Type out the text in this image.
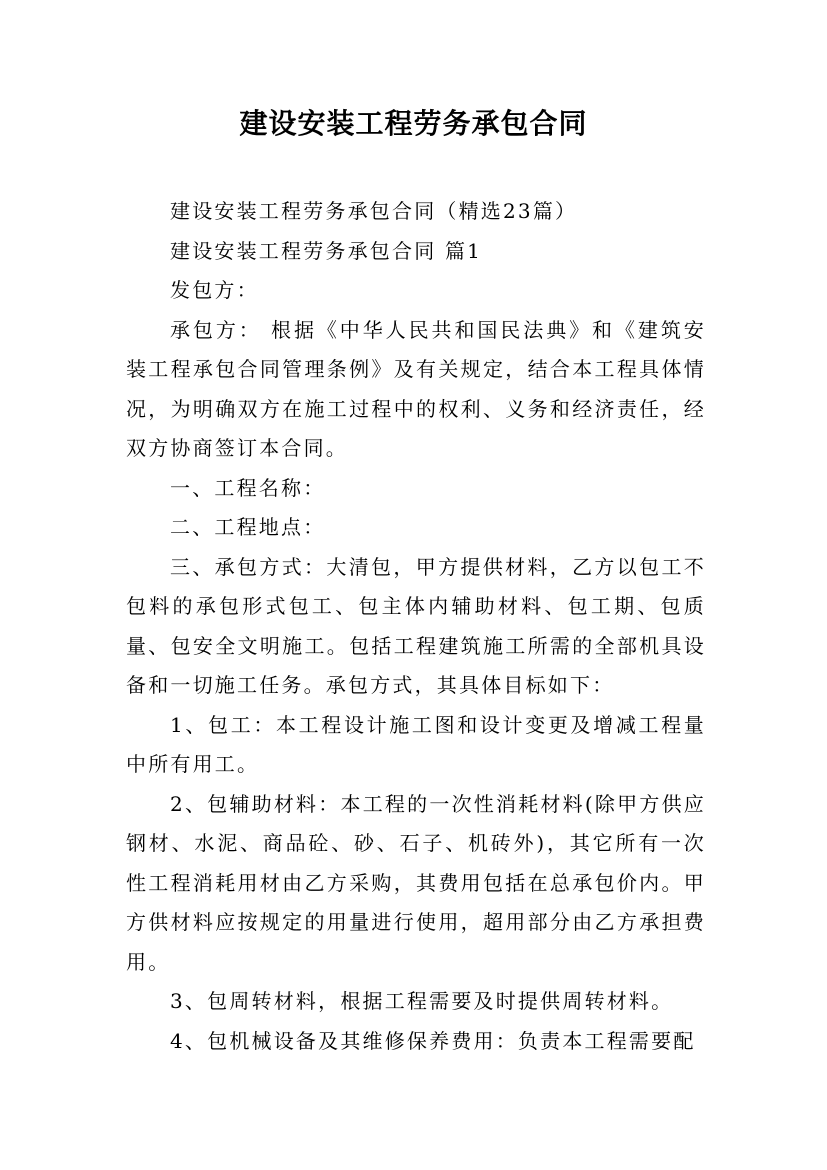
建设安装工程劳务承包合同

建设安装工程劳务承包合同（精选23篇）

建设安装工程劳务承包合同 篇1

发包方：

承包方： 根据《中华人民共和国民法典》和《建筑安装工程承包合同管理条例》及有关规定，结合本工程具体情况，为明确双方在施工过程中的权利、义务和经济责任，经双方协商签订本合同。

一、工程名称：

二、工程地点：

三、承包方式：大清包，甲方提供材料，乙方以包工不包料的承包形式包工、包主体内辅助材料、包工期、包质量、包安全文明施工。包括工程建筑施工所需的全部机具设备和一切施工任务。承包方式，其具体目标如下：

1、包工：本工程设计施工图和设计变更及增减工程量中所有用工。

2、包辅助材料：本工程的一次性消耗材料(除甲方供应钢材、水泥、商品砼、砂、石子、机砖外)，其它所有一次性工程消耗用材由乙方采购，其费用包括在总承包价内。甲方供材料应按规定的用量进行使用，超用部分由乙方承担费用。

3、包周转材料，根据工程需要及时提供周转材料。

4、包机械设备及其维修保养费用：负责本工程需要配
